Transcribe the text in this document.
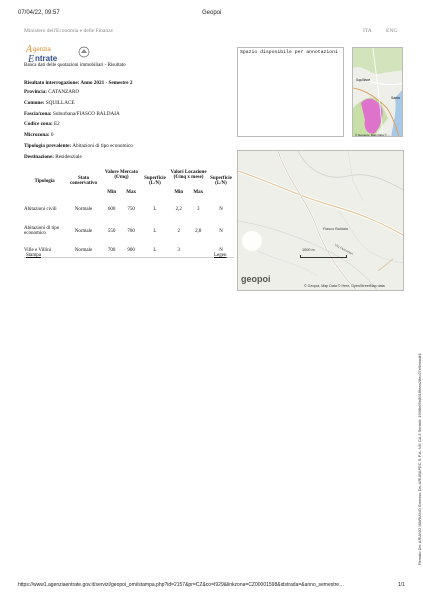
07/04/22, 09:57	Geopoi
Ministero dell'Economia e delle Finanze	ITA	ENG
A genzia
E ntrate
Banca dati delle quotazioni immobiliari - Risultato
Risultato interrogazione: Anno 2021 - Semestre 2
Provincia: CATANZARO
Comune: SQUILLACE
Fascia/zona: Suburbana/FIASCO BALDAIA
Codice zona: E2
Microzona: 0
Tipologia prevalente: Abitazioni di tipo economico
Destinazione: Residenziale
Tipologia	Stato conservativo	Valore Mercato (€/mq)		Superficie (L/N)	Valori Locazione (€/mq x mese)		Superficie (L/N)
		Min	Max		Min	Max	
Abitazioni civili	Normale	600	750	L	2,2	3	N
Abitazioni di tipo economico	Normale	550	700	L	2	2,8	N
Ville e Villini	Normale	700	900	L	3		N
Stampa	Legen
Spazio disponibile per annotazioni
Squillace
Santo
© Geoserv, Map Data © ...
Fiasco Baldaia
Via Ferrovieri
1000 m
geopoi
© Geopoi, Map Data © Here, OpenStreetMap data
Firmato Da: ARIANO MARIANO Emesso Da: ARUBAPEC S.P.A. NG CA 3 Serial#: 1906b65e891f6eea28ec27e6eba4f4
https://www1.agenziaentrate.gov.it/servizi/geopoi_omi/stampa.php?id=2157&pr=CZ&co=I929&linkzona=CZ00001598&idstrada=&anno_semestre…	1/1
